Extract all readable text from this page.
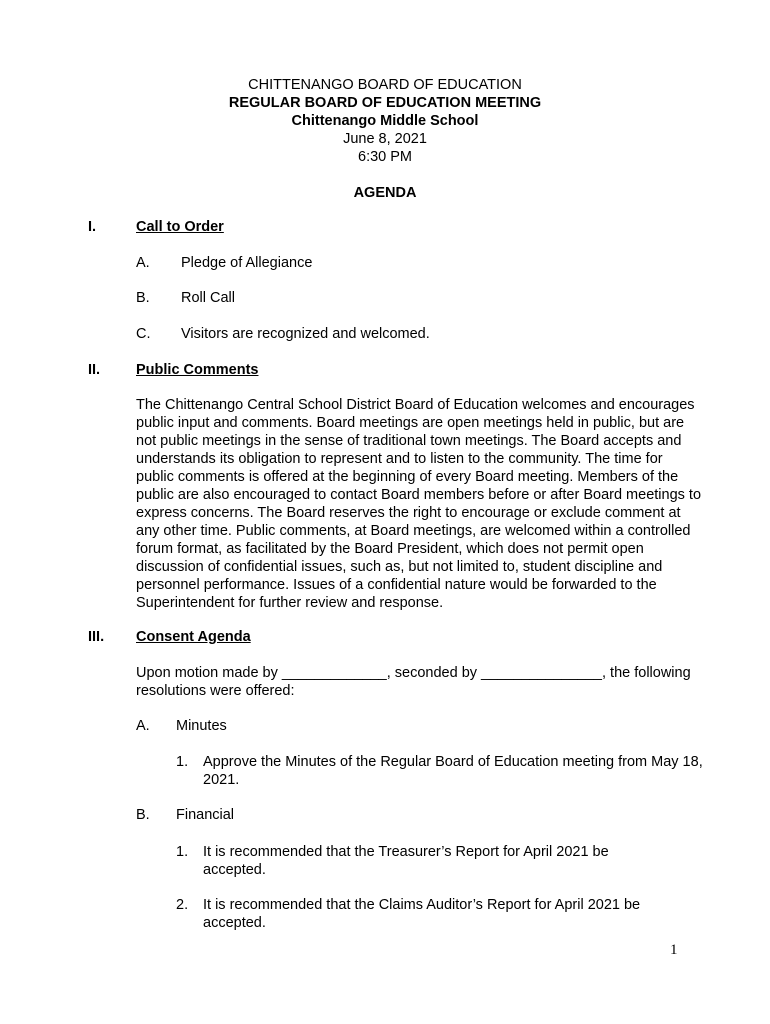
CHITTENANGO BOARD OF EDUCATION
REGULAR BOARD OF EDUCATION MEETING
Chittenango Middle School
June 8, 2021
6:30 PM
AGENDA
I.	Call to Order
A. Pledge of Allegiance
B. Roll Call
C. Visitors are recognized and welcomed.
II. Public Comments
The Chittenango Central School District Board of Education welcomes and encourages
public input and comments. Board meetings are open meetings held in public, but are
not public meetings in the sense of traditional town meetings. The Board accepts and
understands its obligation to represent and to listen to the community. The time for
public comments is offered at the beginning of every Board meeting. Members of the
public are also encouraged to contact Board members before or after Board meetings to
express concerns. The Board reserves the right to encourage or exclude comment at
any other time. Public comments, at Board meetings, are welcomed within a controlled
forum format, as facilitated by the Board President, which does not permit open
discussion of confidential issues, such as, but not limited to, student discipline and
personnel performance. Issues of a confidential nature would be forwarded to the
Superintendent for further review and response.
III. Consent Agenda
Upon motion made by _____________, seconded by _______________, the following
resolutions were offered:
A. Minutes
1. Approve the Minutes of the Regular Board of Education meeting from May 18,
2021.
B. Financial
1. It is recommended that the Treasurer’s Report for April 2021 be
accepted.
2. It is recommended that the Claims Auditor’s Report for April 2021 be
accepted.
1
